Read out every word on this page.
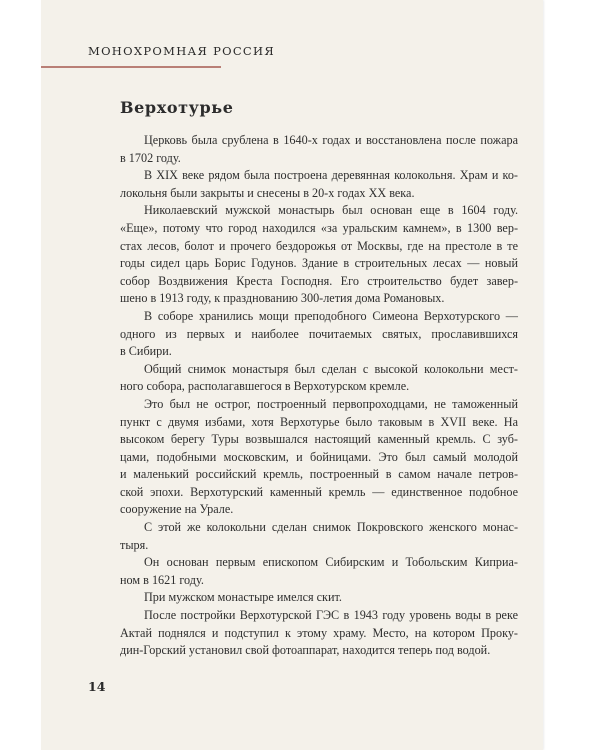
МОНОХРОМНАЯ РОССИЯ
Верхотурье
Церковь была срублена в 1640-х годах и восстановлена после пожара
в 1702 году.
В XIX веке рядом была построена деревянная колокольня. Храм и ко-
локольня были закрыты и снесены в 20-х годах XX века.
Николаевский мужской монастырь был основан еще в 1604 году.
«Еще», потому что город находился «за уральским камнем», в 1300 вер-
стах лесов, болот и прочего бездорожья от Москвы, где на престоле в те
годы сидел царь Борис Годунов. Здание в строительных лесах — новый
собор Воздвижения Креста Господня. Его строительство будет завер-
шено в 1913 году, к празднованию 300-летия дома Романовых.
В соборе хранились мощи преподобного Симеона Верхотурского —
одного из первых и наиболее почитаемых святых, прославившихся
в Сибири.
Общий снимок монастыря был сделан с высокой колокольни мест-
ного собора, располагавшегося в Верхотурском кремле.
Это был не острог, построенный первопроходцами, не таможенный
пункт с двумя избами, хотя Верхотурье было таковым в XVII веке. На
высоком берегу Туры возвышался настоящий каменный кремль. С зуб-
цами, подобными московским, и бойницами. Это был самый молодой
и маленький российский кремль, построенный в самом начале петров-
ской эпохи. Верхотурский каменный кремль — единственное подобное
сооружение на Урале.
С этой же колокольни сделан снимок Покровского женского монас-
тыря.
Он основан первым епископом Сибирским и Тобольским Киприа-
ном в 1621 году.
При мужском монастыре имелся скит.
После постройки Верхотурской ГЭС в 1943 году уровень воды в реке
Актай поднялся и подступил к этому храму. Место, на котором Проку-
дин-Горский установил свой фотоаппарат, находится теперь под водой.
14
